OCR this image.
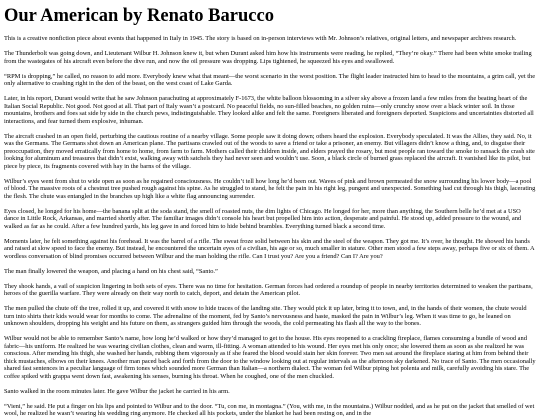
Our American by Renato Barucco

This is a creative nonfiction piece about events that happened in Italy in 1945. The story is based on in-person interviews with Mr. Johnson’s relatives, original letters, and newspaper archives research.

The Thunderbolt was going down, and Lieutenant Wilbur H. Johnson knew it, but when Durant asked him how his instruments were reading, he replied, “They’re okay.” There had been white smoke trailing from the wastegates of his aircraft even before the dive run, and now the oil pressure was dropping. Lips tightened, he squeezed his eyes and swallowed.

“RPM is dropping,” he called, no reason to add more. Everybody knew what that meant—the worst scenario in the worst position. The flight leader instructed him to head to the mountains, a grim call, yet the only alternative to crashing right in the den of the beast, on the west coast of Lake Garda.

Later, in his report, Durant would write that he saw Johnson parachuting at approximately F-1673, the white balloon blossoming in a silver sky above a frozen land a few miles from the beating heart of the Italian Social Republic. Not good. Not good at all. That part of Italy wasn’t a postcard. No peaceful fields, no sun-filled beaches, no golden ruins—only crunchy snow over a black winter soil. In those mountains, brothers and foes sat side by side in the church pews, indistinguishable. They looked alike and felt the same. Foreigners liberated and foreigners deported. Suspicions and uncertainties distorted all interactions, and fear turned them explosive, inhuman.

The aircraft crashed in an open field, perturbing the cautious routine of a nearby village. Some people saw it doing down; others heard the explosion. Everybody speculated. It was the Allies, they said. No, it was the Germans. The Germans shot down an American plane. The partisans crawled out of the woods to save a friend or take a prisoner, an enemy. But villagers didn’t know a thing, and, to disguise their preoccupation, they moved erratically from home to home, from farm to farm. Mothers called their children inside, and elders prayed the rosary, but most people ran toward the smoke to ransack the crash site looking for aluminum and treasures that didn’t exist, walking away with satchels they had never seen and wouldn’t use. Soon, a black circle of burned grass replaced the aircraft. It vanished like its pilot, but piece by piece, its fragments covered with hay in the barns of the village.

Wilbur’s eyes went from shut to wide open as soon as he regained consciousness. He couldn’t tell how long he’d been out. Waves of pink and brown permeated the snow surrounding his lower body—a pool of blood. The massive roots of a chestnut tree pushed rough against his spine. As he struggled to stand, he felt the pain in his right leg, pungent and unexpected. Something had cut through his thigh, lacerating the flesh. The chute was entangled in the branches up high like a white flag announcing surrender.

Eyes closed, he longed for his home—the banana split at the soda stand, the smell of roasted nuts, the dim lights of Chicago. He longed for her, more than anything, the Southern belle he’d met at a USO dance in Little Rock, Arkansas, and married shortly after. The familiar images didn’t console his heart but propelled him into action, desperate and painful. He stood up, added pressure to the wound, and walked as far as he could. After a few hundred yards, his leg gave in and forced him to hide behind brambles. Everything turned black a second time.

Moments later, he felt something against his forehead. It was the barrel of a rifle. The sweat froze solid between his skin and the steel of the weapon. They got me. It’s over, he thought. He showed his hands and raised at slow speed to face the enemy. But instead, he encountered the uncertain eyes of a civilian, his age or so, much smaller in stature. Other men stood a few steps away, perhaps five or six of them. A wordless conversation of blind promises occurred between Wilbur and the man holding the rifle. Can I trust you? Are you a friend? Can I? Are you?

The man finally lowered the weapon, and placing a hand on his chest said, “Santo.”

They shook hands, a vail of suspicion lingering in both sets of eyes. There was no time for hesitation. German forces had ordered a roundup of people in nearby territories determined to weaken the partisans, heroes of the guerilla warfare. They were already on their way north to catch, deport, and detain the American pilot.

The men pulled the chute off the tree, rolled it up, and covered it with snow to hide traces of the landing site. They would pick it up later, bring it to town, and, in the hands of their women, the chute would turn into shirts their kids would wear for months to come. The adrenaline of the moment, fed by Santo’s nervousness and haste, masked the pain in Wilbur’s leg. When it was time to go, he leaned on unknown shoulders, dropping his weight and his future on them, as strangers guided him through the woods, the cold permeating his flash all the way to the bones.

Wilbur would not be able to remember Santo’s name, how long he’d walked or how they’d managed to get to the house. His eyes reopened to a crackling fireplace, flames consuming a bundle of wood and fabric—his uniform. He realized he was wearing civilian clothes, clean and warm, ill-fitting. A woman attended to his wound. Her eyes met his only once; she lowered them as soon as she realized he was conscious. After mending his thigh, she washed her hands, rubbing them vigorously as if she feared the blood would stain her skin forever. Two men sat around the fireplace staring at him from behind their thick mustaches, elbows on their knees. Another man paced back and forth from the door to the window looking out at regular intervals as the afternoon sky darkened. No trace of Santo. The men occasionally shared fast sentences in a peculiar language of firm tones which sounded more German than Italian—a northern dialect. The woman fed Wilbur piping hot polenta and milk, carefully avoiding his stare. The coffee spiked with grappa went down fast, awakening his senses, burning his throat. When he coughed, one of the men chuckled.

Santo walked in the room minutes later. He gave Wilbur the jacket he carried in his arm.

“Vieni,” he said. He put a finger on his lips and pointed to Wilbur and to the door. “Tu, con me, in montagna.” (You, with me, in the mountains.) Wilbur nodded, and as he put on the jacket that smelled of wet wool, he realized he wasn’t wearing his wedding ring anymore. He checked all his pockets, under the blanket he had been resting on, and in the
